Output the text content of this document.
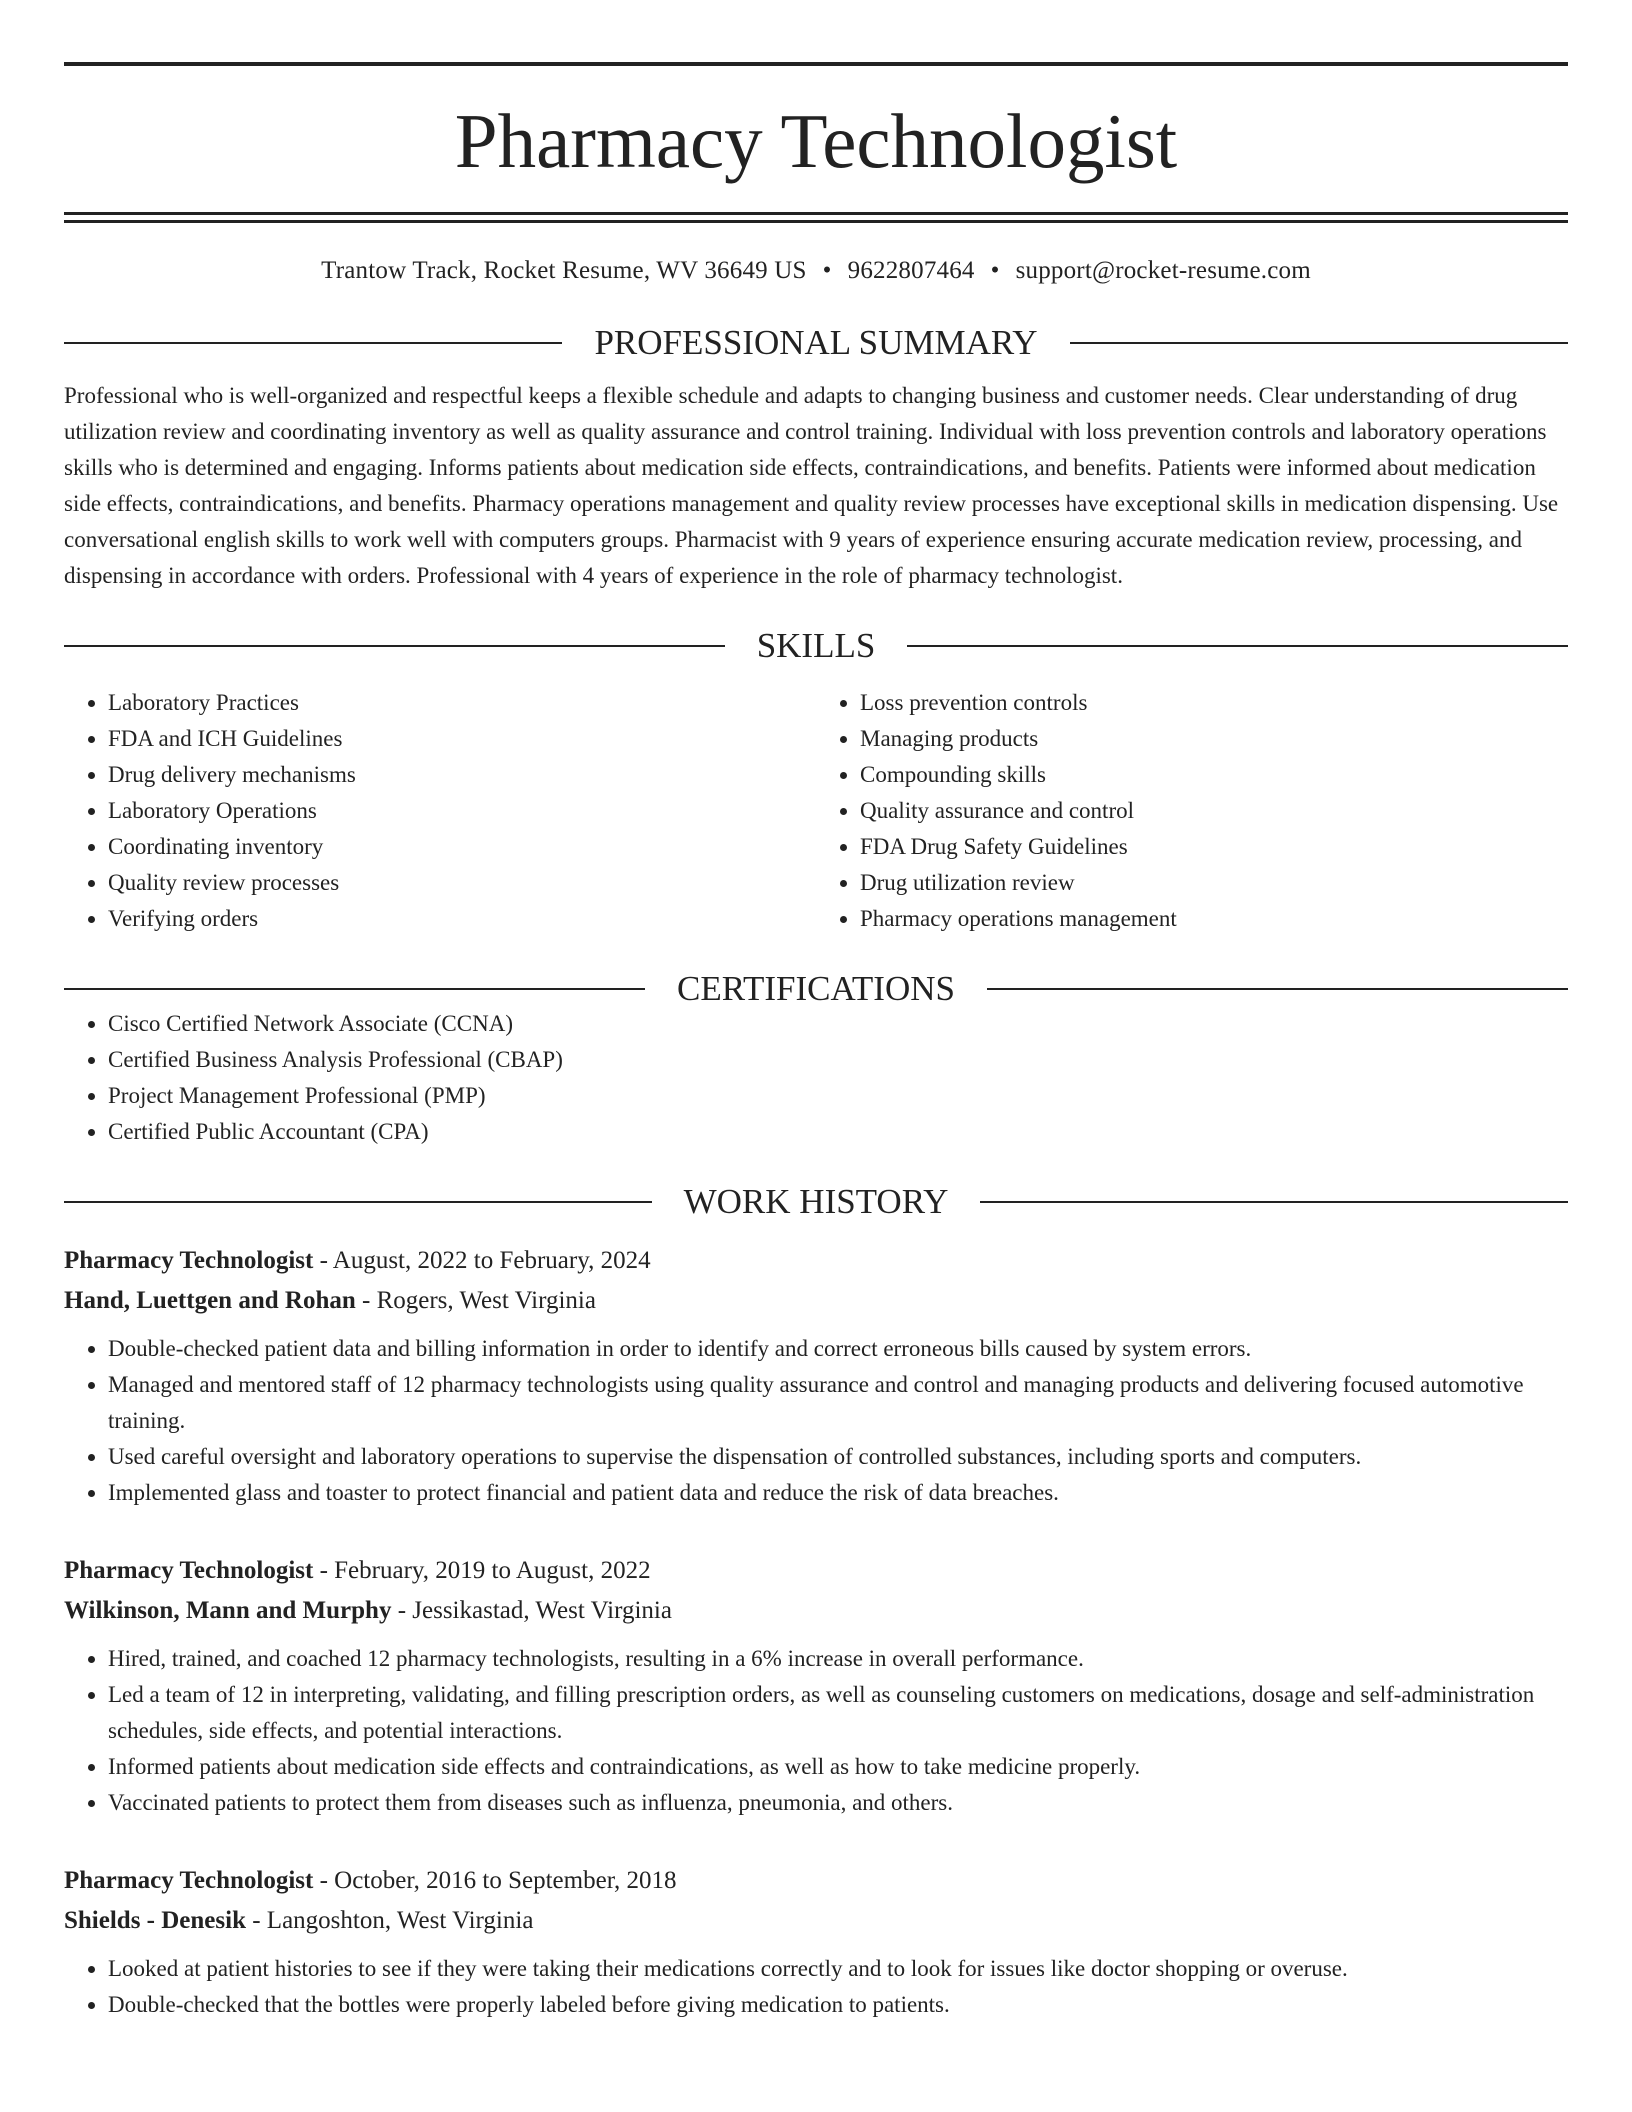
Pharmacy Technologist
Trantow Track, Rocket Resume, WV 36649 US • 9622807464 • support@rocket-resume.com
PROFESSIONAL SUMMARY

Professional who is well-organized and respectful keeps a flexible schedule and adapts to changing business and customer needs. Clear understanding of drug utilization review and coordinating inventory as well as quality assurance and control training. Individual with loss prevention controls and laboratory operations skills who is determined and engaging. Informs patients about medication side effects, contraindications, and benefits. Patients were informed about medication side effects, contraindications, and benefits. Pharmacy operations management and quality review processes have exceptional skills in medication dispensing. Use conversational english skills to work well with computers groups. Pharmacist with 9 years of experience ensuring accurate medication review, processing, and dispensing in accordance with orders. Professional with 4 years of experience in the role of pharmacy technologist.

SKILLS
• Laboratory Practices
• FDA and ICH Guidelines
• Drug delivery mechanisms
• Laboratory Operations
• Coordinating inventory
• Quality review processes
• Verifying orders
• Loss prevention controls
• Managing products
• Compounding skills
• Quality assurance and control
• FDA Drug Safety Guidelines
• Drug utilization review
• Pharmacy operations management
CERTIFICATIONS
• Cisco Certified Network Associate (CCNA)
• Certified Business Analysis Professional (CBAP)
• Project Management Professional (PMP)
• Certified Public Accountant (CPA)
WORK HISTORY
Pharmacy Technologist - August, 2022 to February, 2024
Hand, Luettgen and Rohan - Rogers, West Virginia
• Double-checked patient data and billing information in order to identify and correct erroneous bills caused by system errors.
• Managed and mentored staff of 12 pharmacy technologists using quality assurance and control and managing products and delivering focused automotive training.
• Used careful oversight and laboratory operations to supervise the dispensation of controlled substances, including sports and computers.
• Implemented glass and toaster to protect financial and patient data and reduce the risk of data breaches.
Pharmacy Technologist - February, 2019 to August, 2022
Wilkinson, Mann and Murphy - Jessikastad, West Virginia
• Hired, trained, and coached 12 pharmacy technologists, resulting in a 6% increase in overall performance.
• Led a team of 12 in interpreting, validating, and filling prescription orders, as well as counseling customers on medications, dosage and self-administration schedules, side effects, and potential interactions.
• Informed patients about medication side effects and contraindications, as well as how to take medicine properly.
• Vaccinated patients to protect them from diseases such as influenza, pneumonia, and others.
Pharmacy Technologist - October, 2016 to September, 2018
Shields - Denesik - Langoshton, West Virginia
• Looked at patient histories to see if they were taking their medications correctly and to look for issues like doctor shopping or overuse.
• Double-checked that the bottles were properly labeled before giving medication to patients.
